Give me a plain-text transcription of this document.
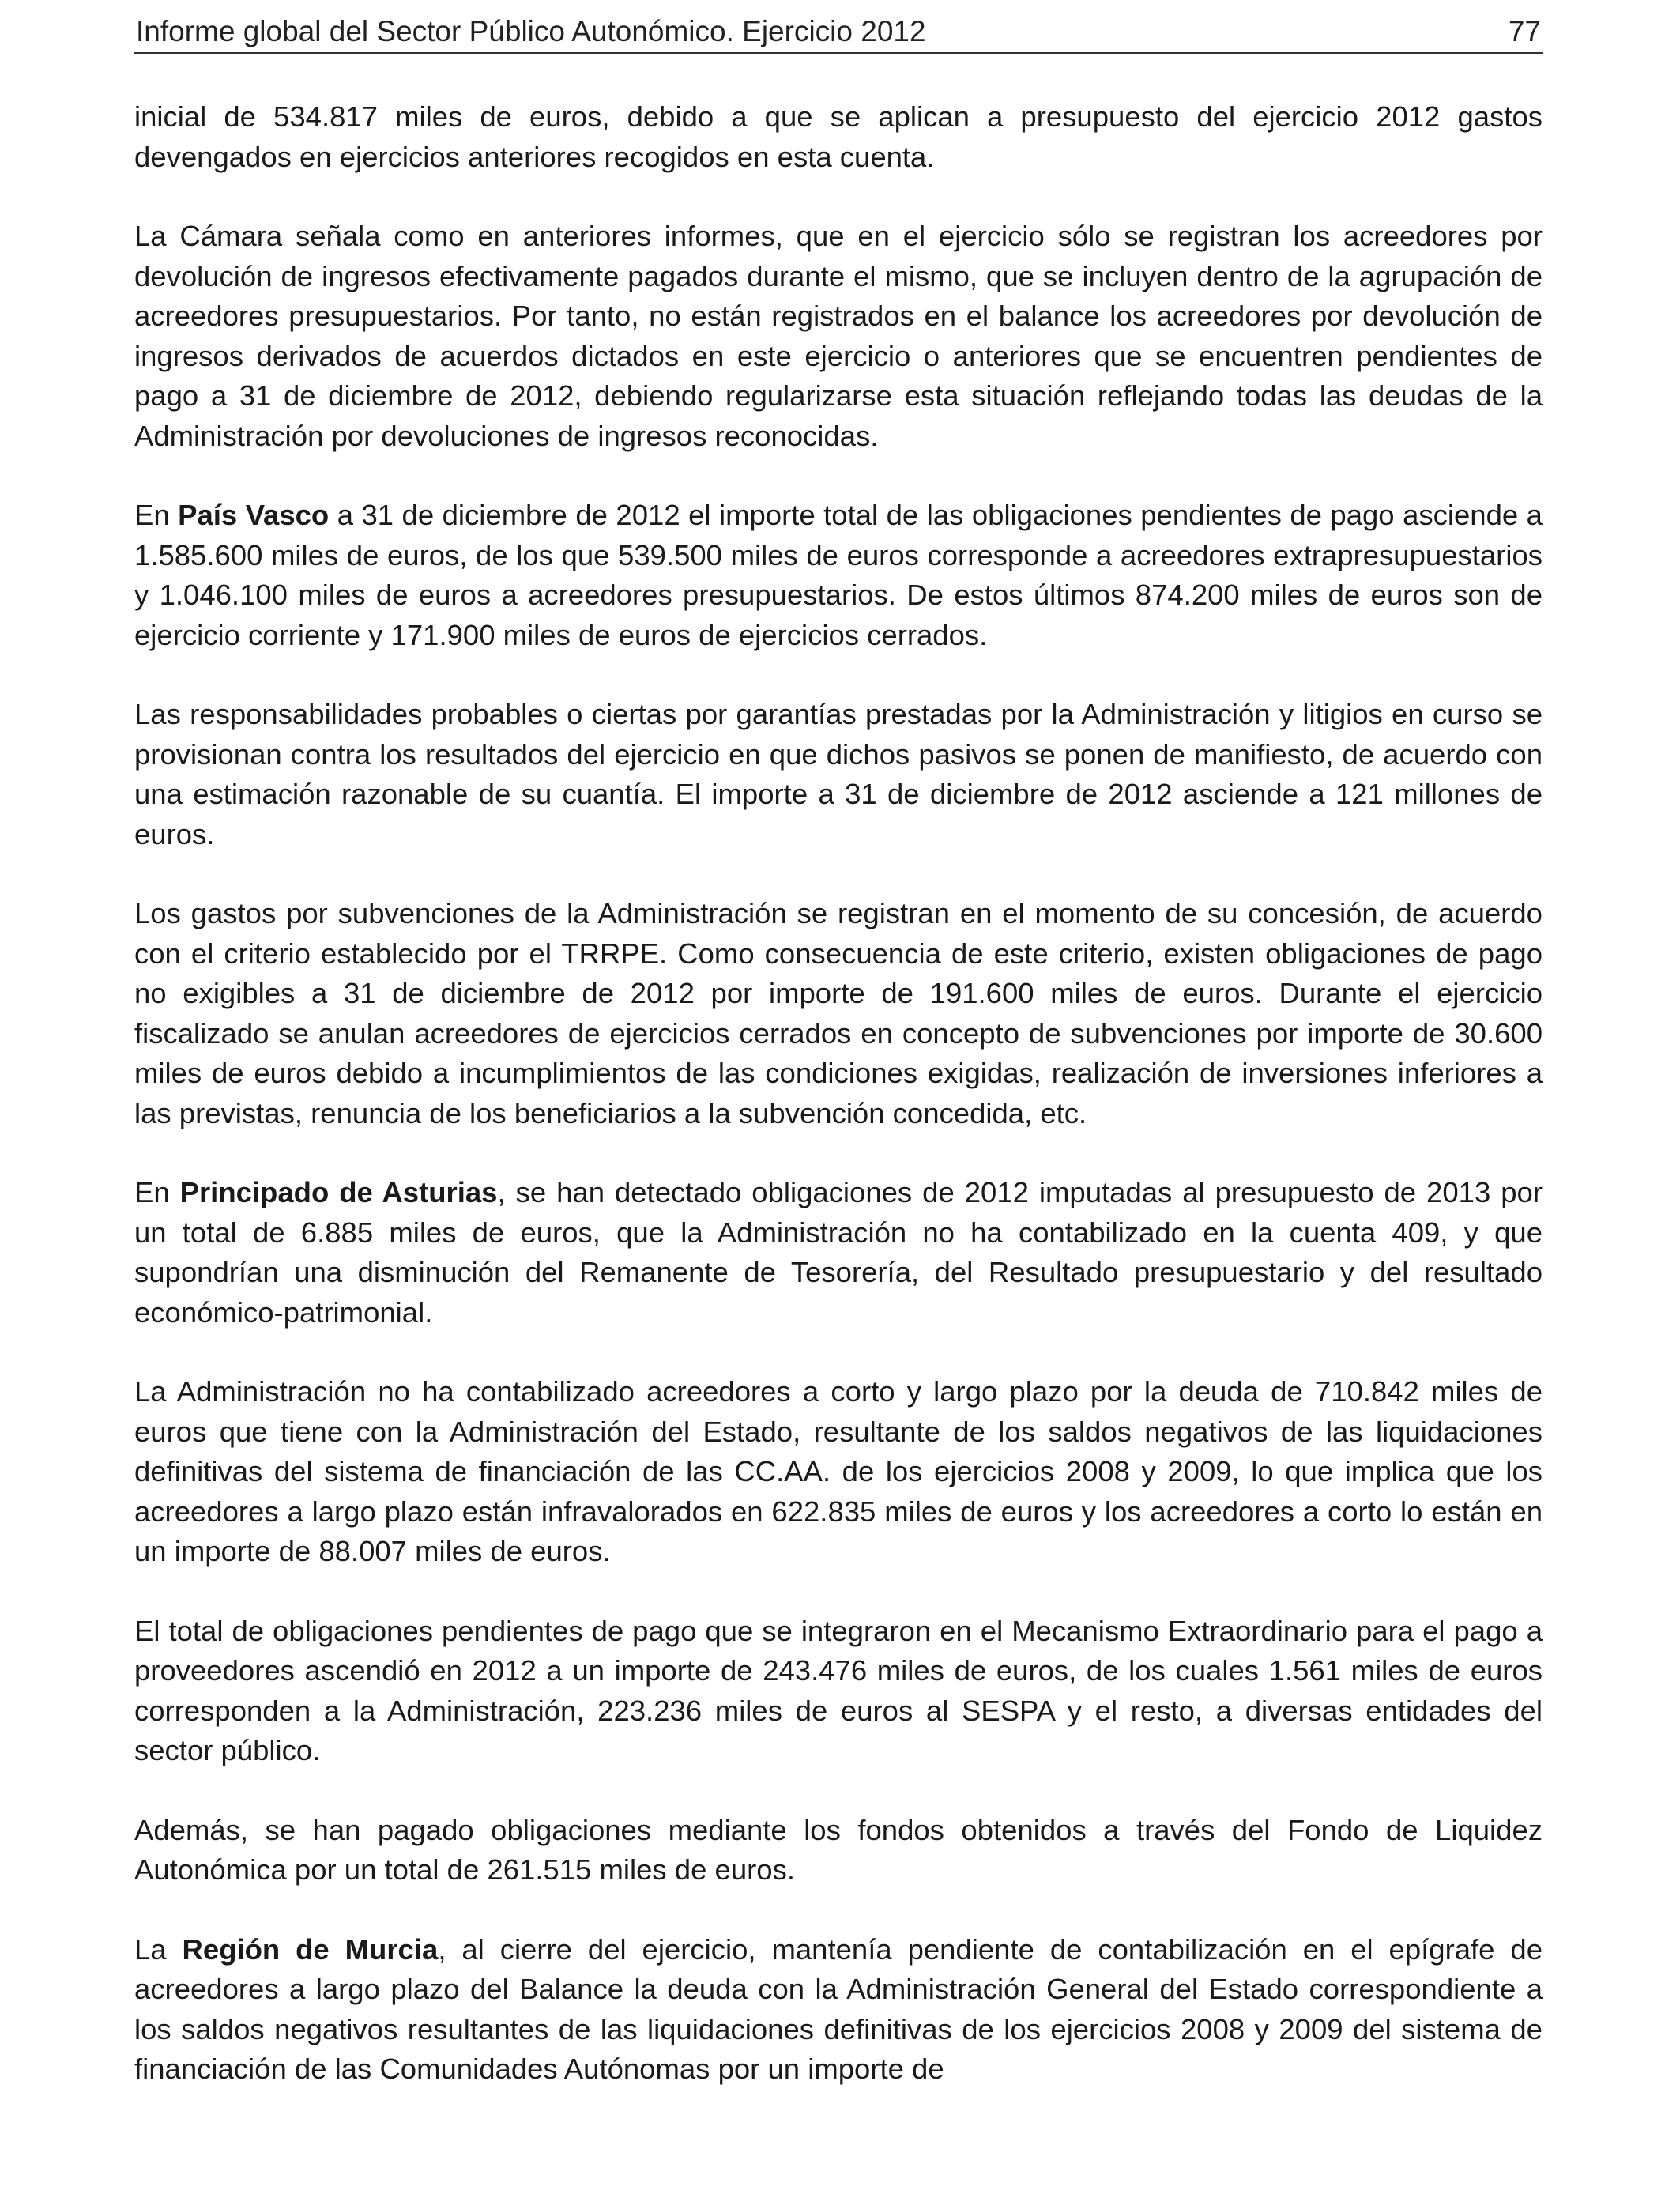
Informe global del Sector Público Autonómico. Ejercicio 2012	77

inicial de 534.817 miles de euros, debido a que se aplican a presupuesto del ejercicio 2012 gastos devengados en ejercicios anteriores recogidos en esta cuenta.

La Cámara señala como en anteriores informes, que en el ejercicio sólo se registran los acreedores por devolución de ingresos efectivamente pagados durante el mismo, que se incluyen dentro de la agrupación de acreedores presupuestarios. Por tanto, no están registrados en el balance los acreedores por devolución de ingresos derivados de acuerdos dictados en este ejercicio o anteriores que se encuentren pendientes de pago a 31 de diciembre de 2012, debiendo regularizarse esta situación reflejando todas las deudas de la Administración por devoluciones de ingresos reconocidas.

En País Vasco a 31 de diciembre de 2012 el importe total de las obligaciones pendientes de pago asciende a 1.585.600 miles de euros, de los que 539.500 miles de euros corresponde a acreedores extrapresupuestarios y 1.046.100 miles de euros a acreedores presupuestarios. De estos últimos 874.200 miles de euros son de ejercicio corriente y 171.900 miles de euros de ejercicios cerrados.

Las responsabilidades probables o ciertas por garantías prestadas por la Administración y litigios en curso se provisionan contra los resultados del ejercicio en que dichos pasivos se ponen de manifiesto, de acuerdo con una estimación razonable de su cuantía. El importe a 31 de diciembre de 2012 asciende a 121 millones de euros.

Los gastos por subvenciones de la Administración se registran en el momento de su concesión, de acuerdo con el criterio establecido por el TRRPE. Como consecuencia de este criterio, existen obligaciones de pago no exigibles a 31 de diciembre de 2012 por importe de 191.600 miles de euros. Durante el ejercicio fiscalizado se anulan acreedores de ejercicios cerrados en concepto de subvenciones por importe de 30.600 miles de euros debido a incumplimientos de las condiciones exigidas, realización de inversiones inferiores a las previstas, renuncia de los beneficiarios a la subvención concedida, etc.

En Principado de Asturias, se han detectado obligaciones de 2012 imputadas al presupuesto de 2013 por un total de 6.885 miles de euros, que la Administración no ha contabilizado en la cuenta 409, y que supondrían una disminución del Remanente de Tesorería, del Resultado presupuestario y del resultado económico-patrimonial.

La Administración no ha contabilizado acreedores a corto y largo plazo por la deuda de 710.842 miles de euros que tiene con la Administración del Estado, resultante de los saldos negativos de las liquidaciones definitivas del sistema de financiación de las CC.AA. de los ejercicios 2008 y 2009, lo que implica que los acreedores a largo plazo están infravalorados en 622.835 miles de euros y los acreedores a corto lo están en un importe de 88.007 miles de euros.

El total de obligaciones pendientes de pago que se integraron en el Mecanismo Extraordinario para el pago a proveedores ascendió en 2012 a un importe de 243.476 miles de euros, de los cuales 1.561 miles de euros corresponden a la Administración, 223.236 miles de euros al SESPA y el resto, a diversas entidades del sector público.

Además, se han pagado obligaciones mediante los fondos obtenidos a través del Fondo de Liquidez Autonómica por un total de 261.515 miles de euros.

La Región de Murcia, al cierre del ejercicio, mantenía pendiente de contabilización en el epígrafe de acreedores a largo plazo del Balance la deuda con la Administración General del Estado correspondiente a los saldos negativos resultantes de las liquidaciones definitivas de los ejercicios 2008 y 2009 del sistema de financiación de las Comunidades Autónomas por un importe de
